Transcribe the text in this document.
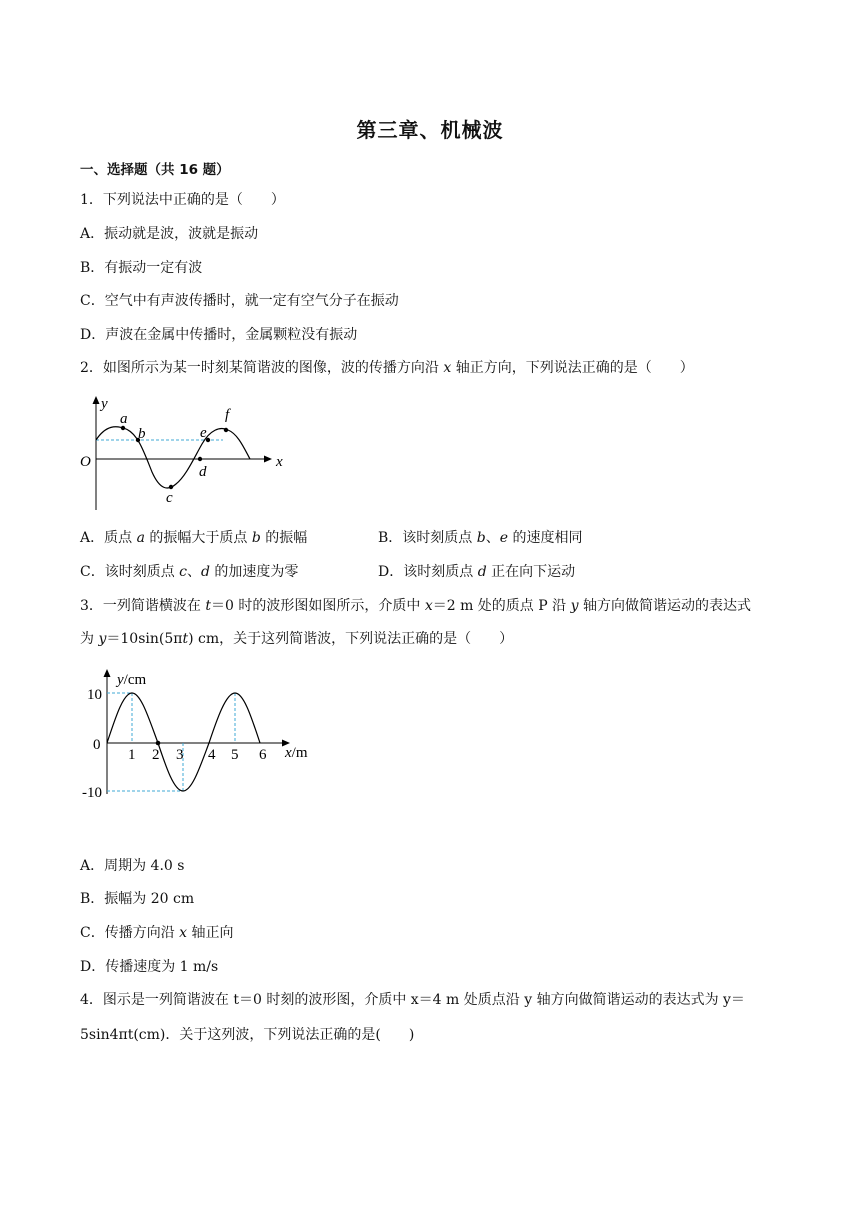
第三章、机械波
一、选择题（共 16 题）
1．下列说法中正确的是（　　）
A．振动就是波，波就是振动
B．有振动一定有波
C．空气中有声波传播时，就一定有空气分子在振动
D．声波在金属中传播时，金属颗粒没有振动
2．如图所示为某一时刻某简谐波的图像，波的传播方向沿 x 轴正方向，下列说法正确的是（　　）
y
x
O
a
b
c
d
e
f
A．质点 a 的振幅大于质点 b 的振幅	B．该时刻质点 b、e 的速度相同
C．该时刻质点 c、d 的加速度为零	D．该时刻质点 d 正在向下运动
3．一列简谐横波在 t＝0 时的波形图如图所示，介质中 x＝2 m 处的质点 P 沿 y 轴方向做简谐运动的表达式
为 y＝10sin(5πt) cm，关于这列简谐波，下列说法正确的是（　　）
y/cm
x/m
10
0
-10
1 2 3 4 5 6
A．周期为 4.0 s
B．振幅为 20 cm
C．传播方向沿 x 轴正向
D．传播速度为 1 m/s
4．图示是一列简谐波在 t＝0 时刻的波形图，介质中 x＝4 m 处质点沿 y 轴方向做简谐运动的表达式为 y＝
5sin4πt(cm)．关于这列波，下列说法正确的是(　　)
